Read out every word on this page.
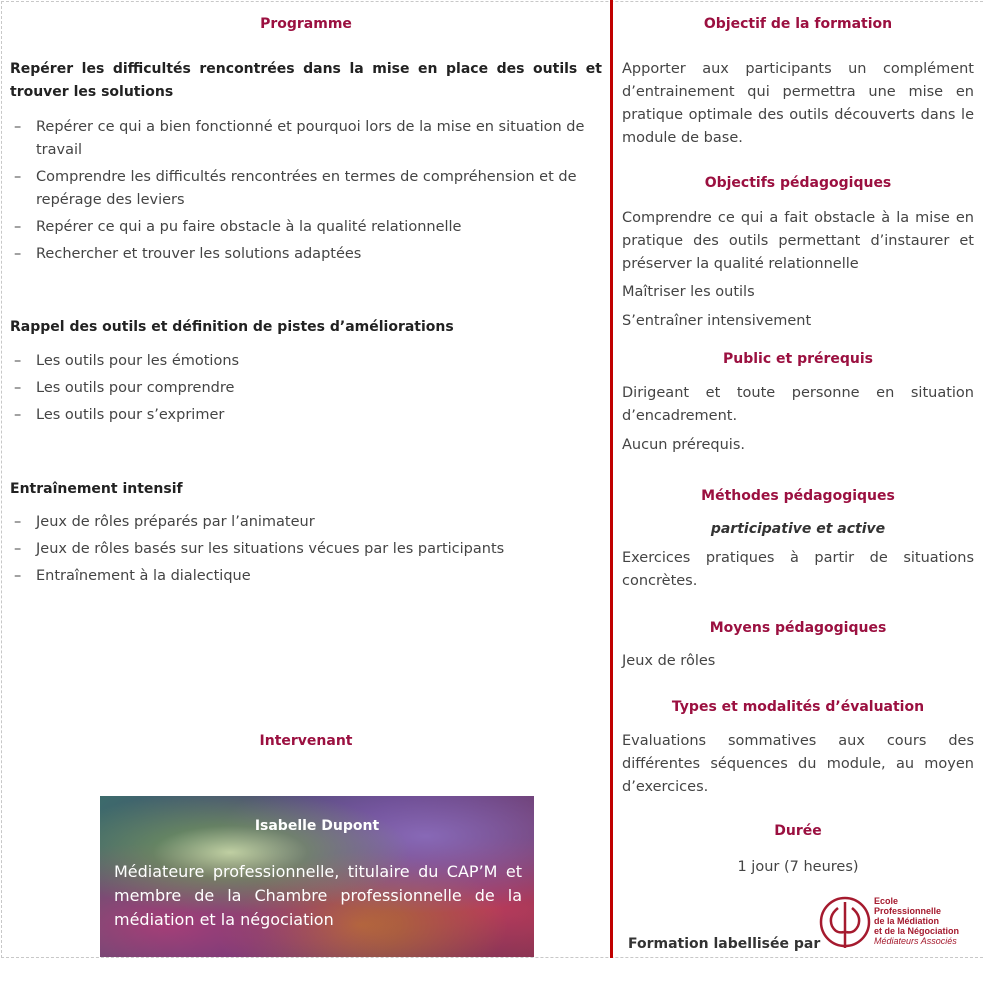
Programme
Repérer les difficultés rencontrées dans la mise en place des outils et trouver les solutions
– Repérer ce qui a bien fonctionné et pourquoi lors de la mise en situation de travail
– Comprendre les difficultés rencontrées en termes de compréhension et de repérage des leviers
– Repérer ce qui a pu faire obstacle à la qualité relationnelle
– Rechercher et trouver les solutions adaptées
Rappel des outils et définition de pistes d’améliorations
– Les outils pour les émotions
– Les outils pour comprendre
– Les outils pour s’exprimer
Entraînement intensif
– Jeux de rôles préparés par l’animateur
– Jeux de rôles basés sur les situations vécues par les participants
– Entraînement à la dialectique
Intervenant
Isabelle Dupont
Médiateure professionnelle, titulaire du CAP’M et membre de la Chambre professionnelle de la médiation et la négociation
Objectif de la formation

Apporter aux participants un complément d’entrainement qui permettra une mise en pratique optimale des outils découverts dans le module de base.

Objectifs pédagogiques

Comprendre ce qui a fait obstacle à la mise en pratique des outils permettant d’instaurer et préserver la qualité relationnelle

Maîtriser les outils

S’entraîner intensivement

Public et prérequis

Dirigeant et toute personne en situation d’encadrement.

Aucun prérequis.

Méthodes pédagogiques
participative et active

Exercices pratiques à partir de situations concrètes.

Moyens pédagogiques

Jeux de rôles

Types et modalités d’évaluation

Evaluations sommatives aux cours des différentes séquences du module, au moyen d’exercices.

Durée

1 jour (7 heures)

Formation labellisée par
Ecole
Professionnelle
de la Médiation
et de la Négociation
Médiateurs Associés
